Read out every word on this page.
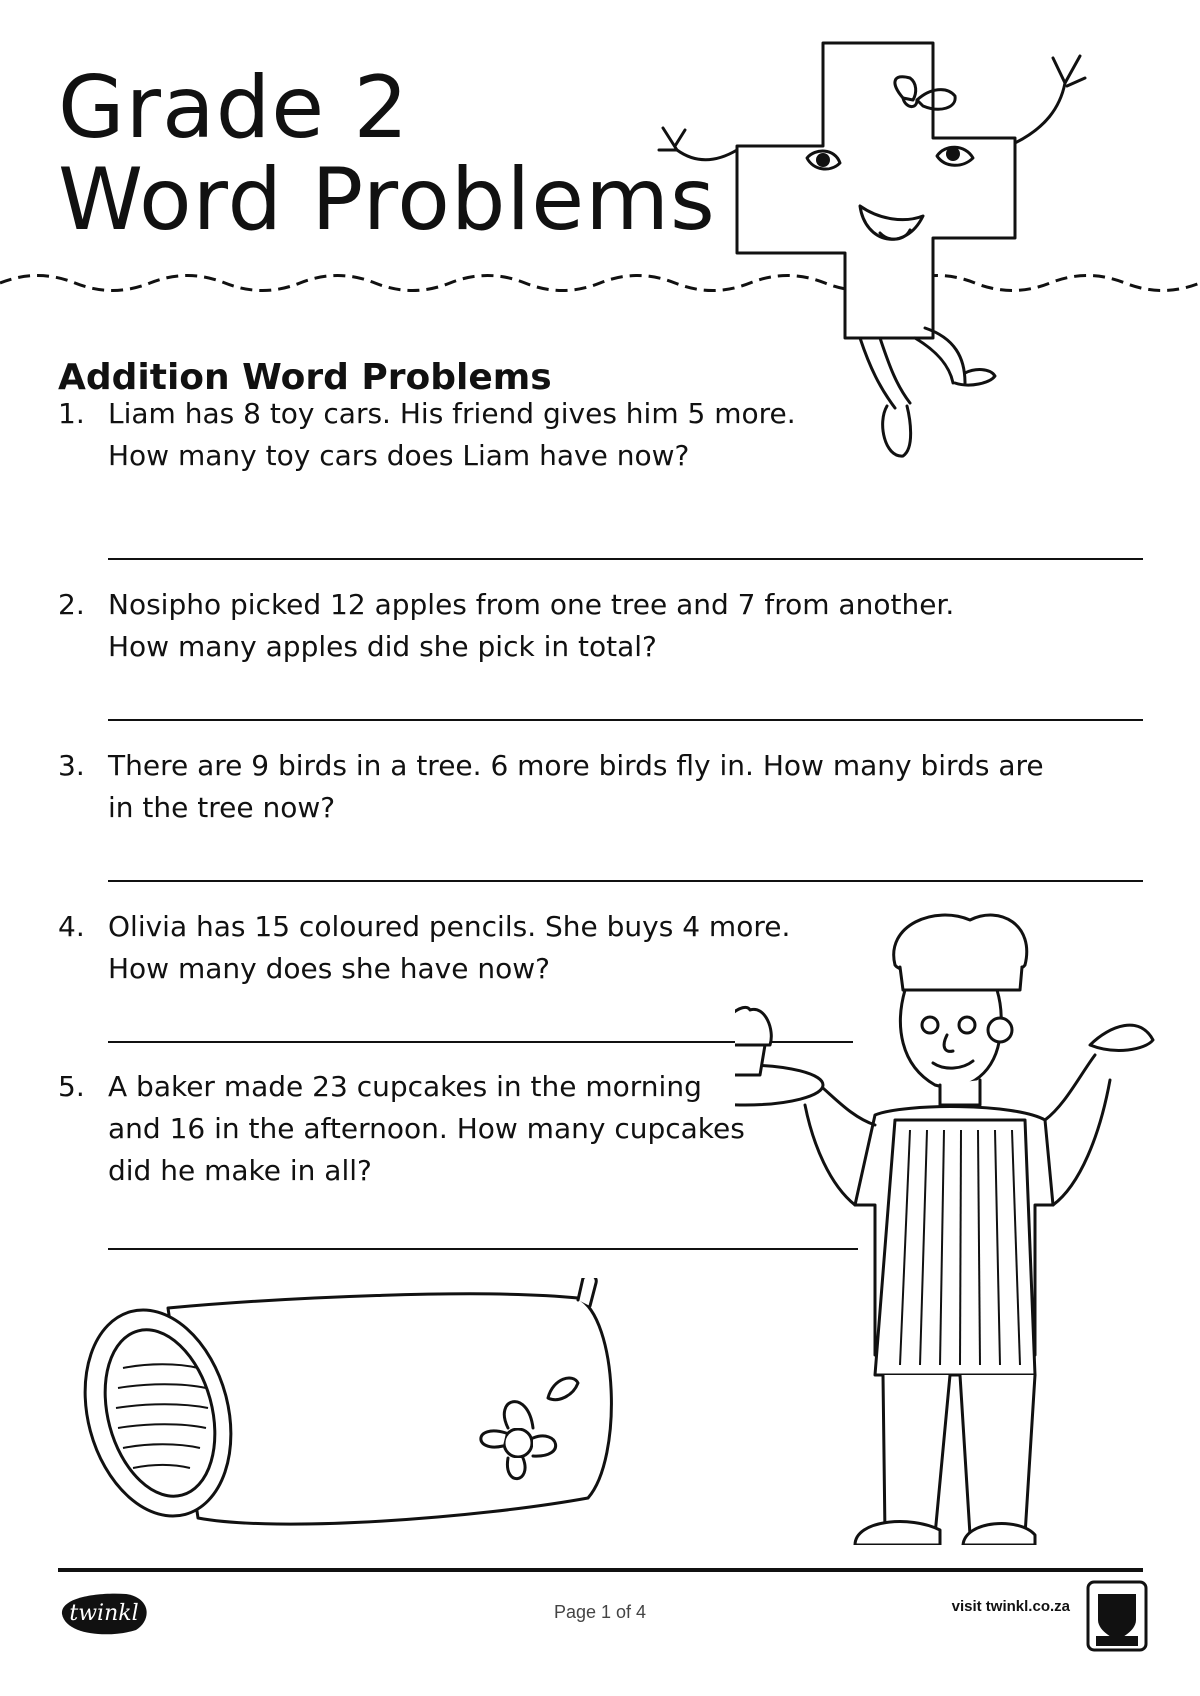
Grade 2
Word Problems
Addition Word Problems
1. Liam has 8 toy cars. His friend gives him 5 more.
How many toy cars does Liam have now?
2. Nosipho picked 12 apples from one tree and 7 from another.
How many apples did she pick in total?
3. There are 9 birds in a tree. 6 more birds fly in. How many birds are
in the tree now?
4. Olivia has 15 coloured pencils. She buys 4 more.
How many does she have now?
5. A baker made 23 cupcakes in the morning
and 16 in the afternoon. How many cupcakes
did he make in all?
twinkl	Page 1 of 4	visit twinkl.co.za
